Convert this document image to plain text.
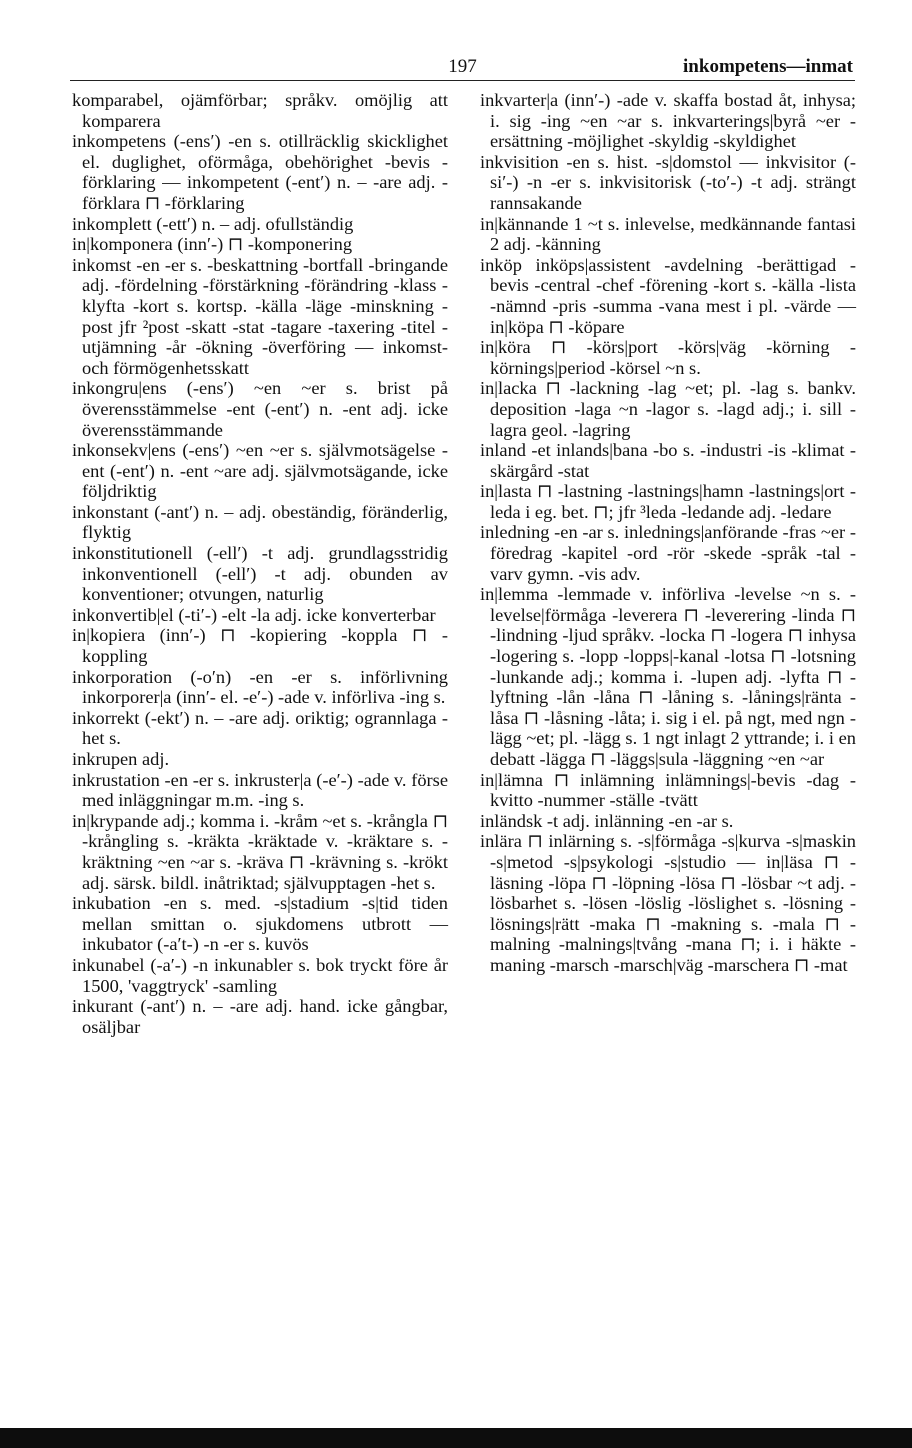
197	inkompetens—inmat

komparabel, ojämförbar; språkv. omöjlig att komparera

inkompetens (-ens′) -en s. otillräcklig skicklighet el. duglighet, oförmåga, obehörighet -bevis -förklaring — inkompetent (-ent′) n. – -are adj. -förklara ⊓ -förklaring

inkomplett (-ett′) n. – adj. ofullständig

in|komponera (inn′-) ⊓ -komponering

inkomst -en -er s. -beskattning -bortfall -bringande adj. -fördelning -förstärkning -förändring -klass -klyfta -kort s. kortsp. -källa -läge -minskning -post jfr ²post -skatt -stat -tagare -taxering -titel -utjämning -år -ökning -överföring — inkomst- och förmögenhetsskatt

inkongru|ens (-ens′) ~en ~er s. brist på överensstämmelse -ent (-ent′) n. -ent adj. icke överensstämmande

inkonsekv|ens (-ens′) ~en ~er s. självmotsägelse -ent (-ent′) n. -ent ~are adj. självmotsägande, icke följdriktig

inkonstant (-ant′) n. – adj. obeständig, föränderlig, flyktig

inkonstitutionell (-ell′) -t adj. grundlagsstridig inkonventionell (-ell′) -t adj. obunden av konventioner; otvungen, naturlig

inkonvertib|el (-ti′-) -elt -la adj. icke konverterbar

in|kopiera (inn′-) ⊓ -kopiering -koppla ⊓ -koppling

inkorporation (-o′n) -en -er s. införlivning inkorporer|a (inn′- el. -e′-) -ade v. införliva -ing s.

inkorrekt (-ekt′) n. – -are adj. oriktig; ogrannlaga -het s.

inkrupen adj.

inkrustation -en -er s. inkruster|a (-e′-) -ade v. förse med inläggningar m.m. -ing s.

in|krypande adj.; komma i. -kråm ~et s. -krångla ⊓ -krångling s. -kräkta -kräktade v. -kräktare s. -kräktning ~en ~ar s. -kräva ⊓ -krävning s. -krökt adj. särsk. bildl. inåtriktad; självupptagen -het s.

inkubation -en s. med. -s|stadium -s|tid tiden mellan smittan o. sjukdomens utbrott — inkubator (-a′t-) -n -er s. kuvös

inkunabel (-a′-) -n inkunabler s. bok tryckt före år 1500, 'vaggtryck' -samling

inkurant (-ant′) n. – -are adj. hand. icke gångbar, osäljbar

inkvarter|a (inn′-) -ade v. skaffa bostad åt, inhysa; i. sig -ing ~en ~ar s. inkvarterings|byrå ~er -ersättning -möjlighet -skyldig -skyldighet

inkvisition -en s. hist. -s|domstol — inkvisitor (-si′-) -n -er s. inkvisitorisk (-to′-) -t adj. strängt rannsakande

in|kännande 1 ~t s. inlevelse, medkännande fantasi 2 adj. -känning

inköp inköps|assistent -avdelning -berättigad -bevis -central -chef -förening -kort s. -källa -lista -nämnd -pris -summa -vana mest i pl. -värde — in|köpa ⊓ -köpare

in|köra ⊓ -körs|port -körs|väg -körning -körnings|period -körsel ~n s.

in|lacka ⊓ -lackning -lag ~et; pl. -lag s. bankv. deposition -laga ~n -lagor s. -lagd adj.; i. sill -lagra geol. -lagring

inland -et inlands|bana -bo s. -industri -is -klimat -skärgård -stat

in|lasta ⊓ -lastning -lastnings|hamn -lastnings|ort -leda i eg. bet. ⊓; jfr ³leda -ledande adj. -ledare

inledning -en -ar s. inlednings|anförande -fras ~er -föredrag -kapitel -ord -rör -skede -språk -tal -varv gymn. -vis adv.

in|lemma -lemmade v. införliva -levelse ~n s. -levelse|förmåga -leverera ⊓ -leverering -linda ⊓ -lindning -ljud språkv. -locka ⊓ -logera ⊓ inhysa -logering s. -lopp -lopps|-kanal -lotsa ⊓ -lotsning -lunkande adj.; komma i. -lupen adj. -lyfta ⊓ -lyftning -lån -låna ⊓ -låning s. -lånings|ränta -låsa ⊓ -låsning -låta; i. sig i el. på ngt, med ngn -lägg ~et; pl. -lägg s. 1 ngt inlagt 2 yttrande; i. i en debatt -lägga ⊓ -läggs|sula -läggning ~en ~ar

in|lämna ⊓ inlämning inlämnings|-bevis -dag -kvitto -nummer -ställe -tvätt

inländsk -t adj. inlänning -en -ar s.

inlära ⊓ inlärning s. -s|förmåga -s|kurva -s|maskin -s|metod -s|psykologi -s|studio — in|läsa ⊓ -läsning -löpa ⊓ -löpning -lösa ⊓ -lösbar ~t adj. -lösbarhet s. -lösen -löslig -löslighet s. -lösning -lösnings|rätt -maka ⊓ -makning s. -mala ⊓ -malning -malnings|tvång -mana ⊓; i. i häkte -maning -marsch -marsch|väg -marschera ⊓ -mat
